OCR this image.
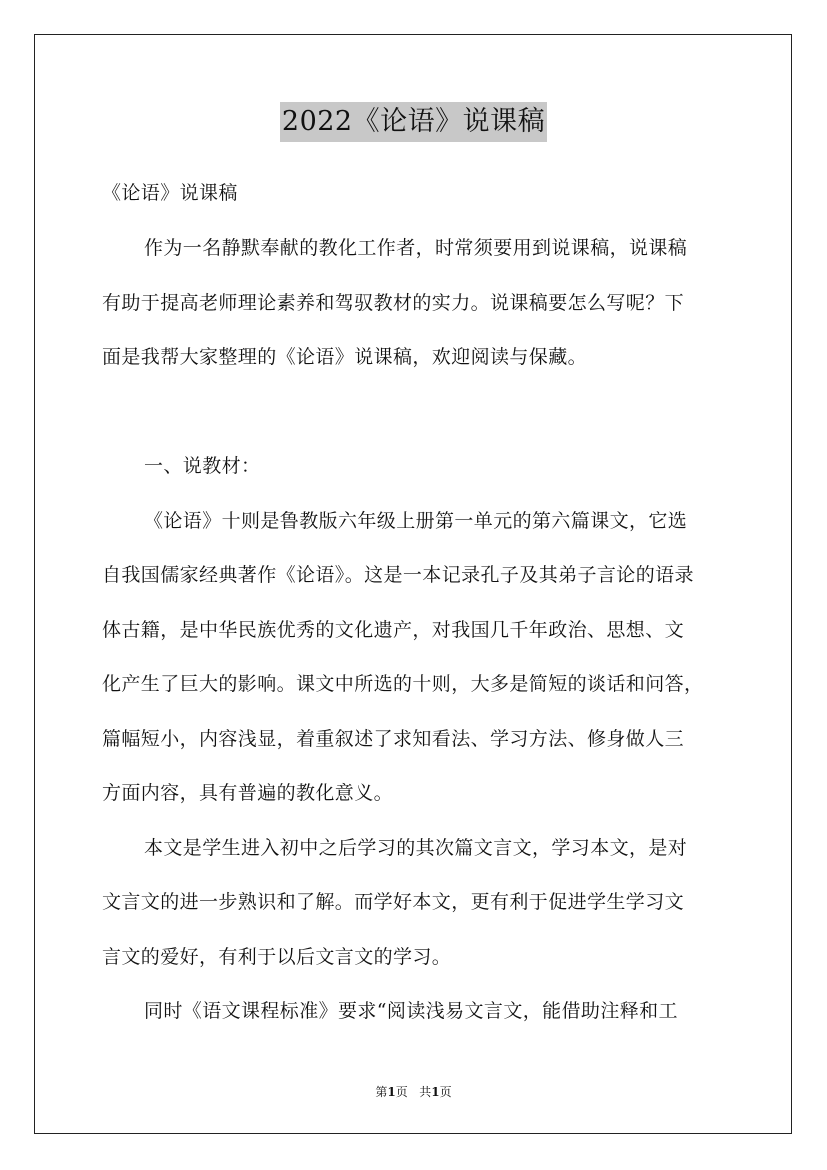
2022《论语》说课稿
《论语》说课稿
作为一名静默奉献的教化工作者，时常须要用到说课稿，说课稿
有助于提高老师理论素养和驾驭教材的实力。说课稿要怎么写呢？下
面是我帮大家整理的《论语》说课稿，欢迎阅读与保藏。
一、说教材：
《论语》十则是鲁教版六年级上册第一单元的第六篇课文，它选
自我国儒家经典著作《论语》。这是一本记录孔子及其弟子言论的语录
体古籍，是中华民族优秀的文化遗产，对我国几千年政治、思想、文
化产生了巨大的影响。课文中所选的十则，大多是简短的谈话和问答，
篇幅短小，内容浅显，着重叙述了求知看法、学习方法、修身做人三
方面内容，具有普遍的教化意义。
本文是学生进入初中之后学习的其次篇文言文，学习本文，是对
文言文的进一步熟识和了解。而学好本文，更有利于促进学生学习文
言文的爱好，有利于以后文言文的学习。
同时《语文课程标准》要求“阅读浅易文言文，能借助注释和工
第1页 共1页
